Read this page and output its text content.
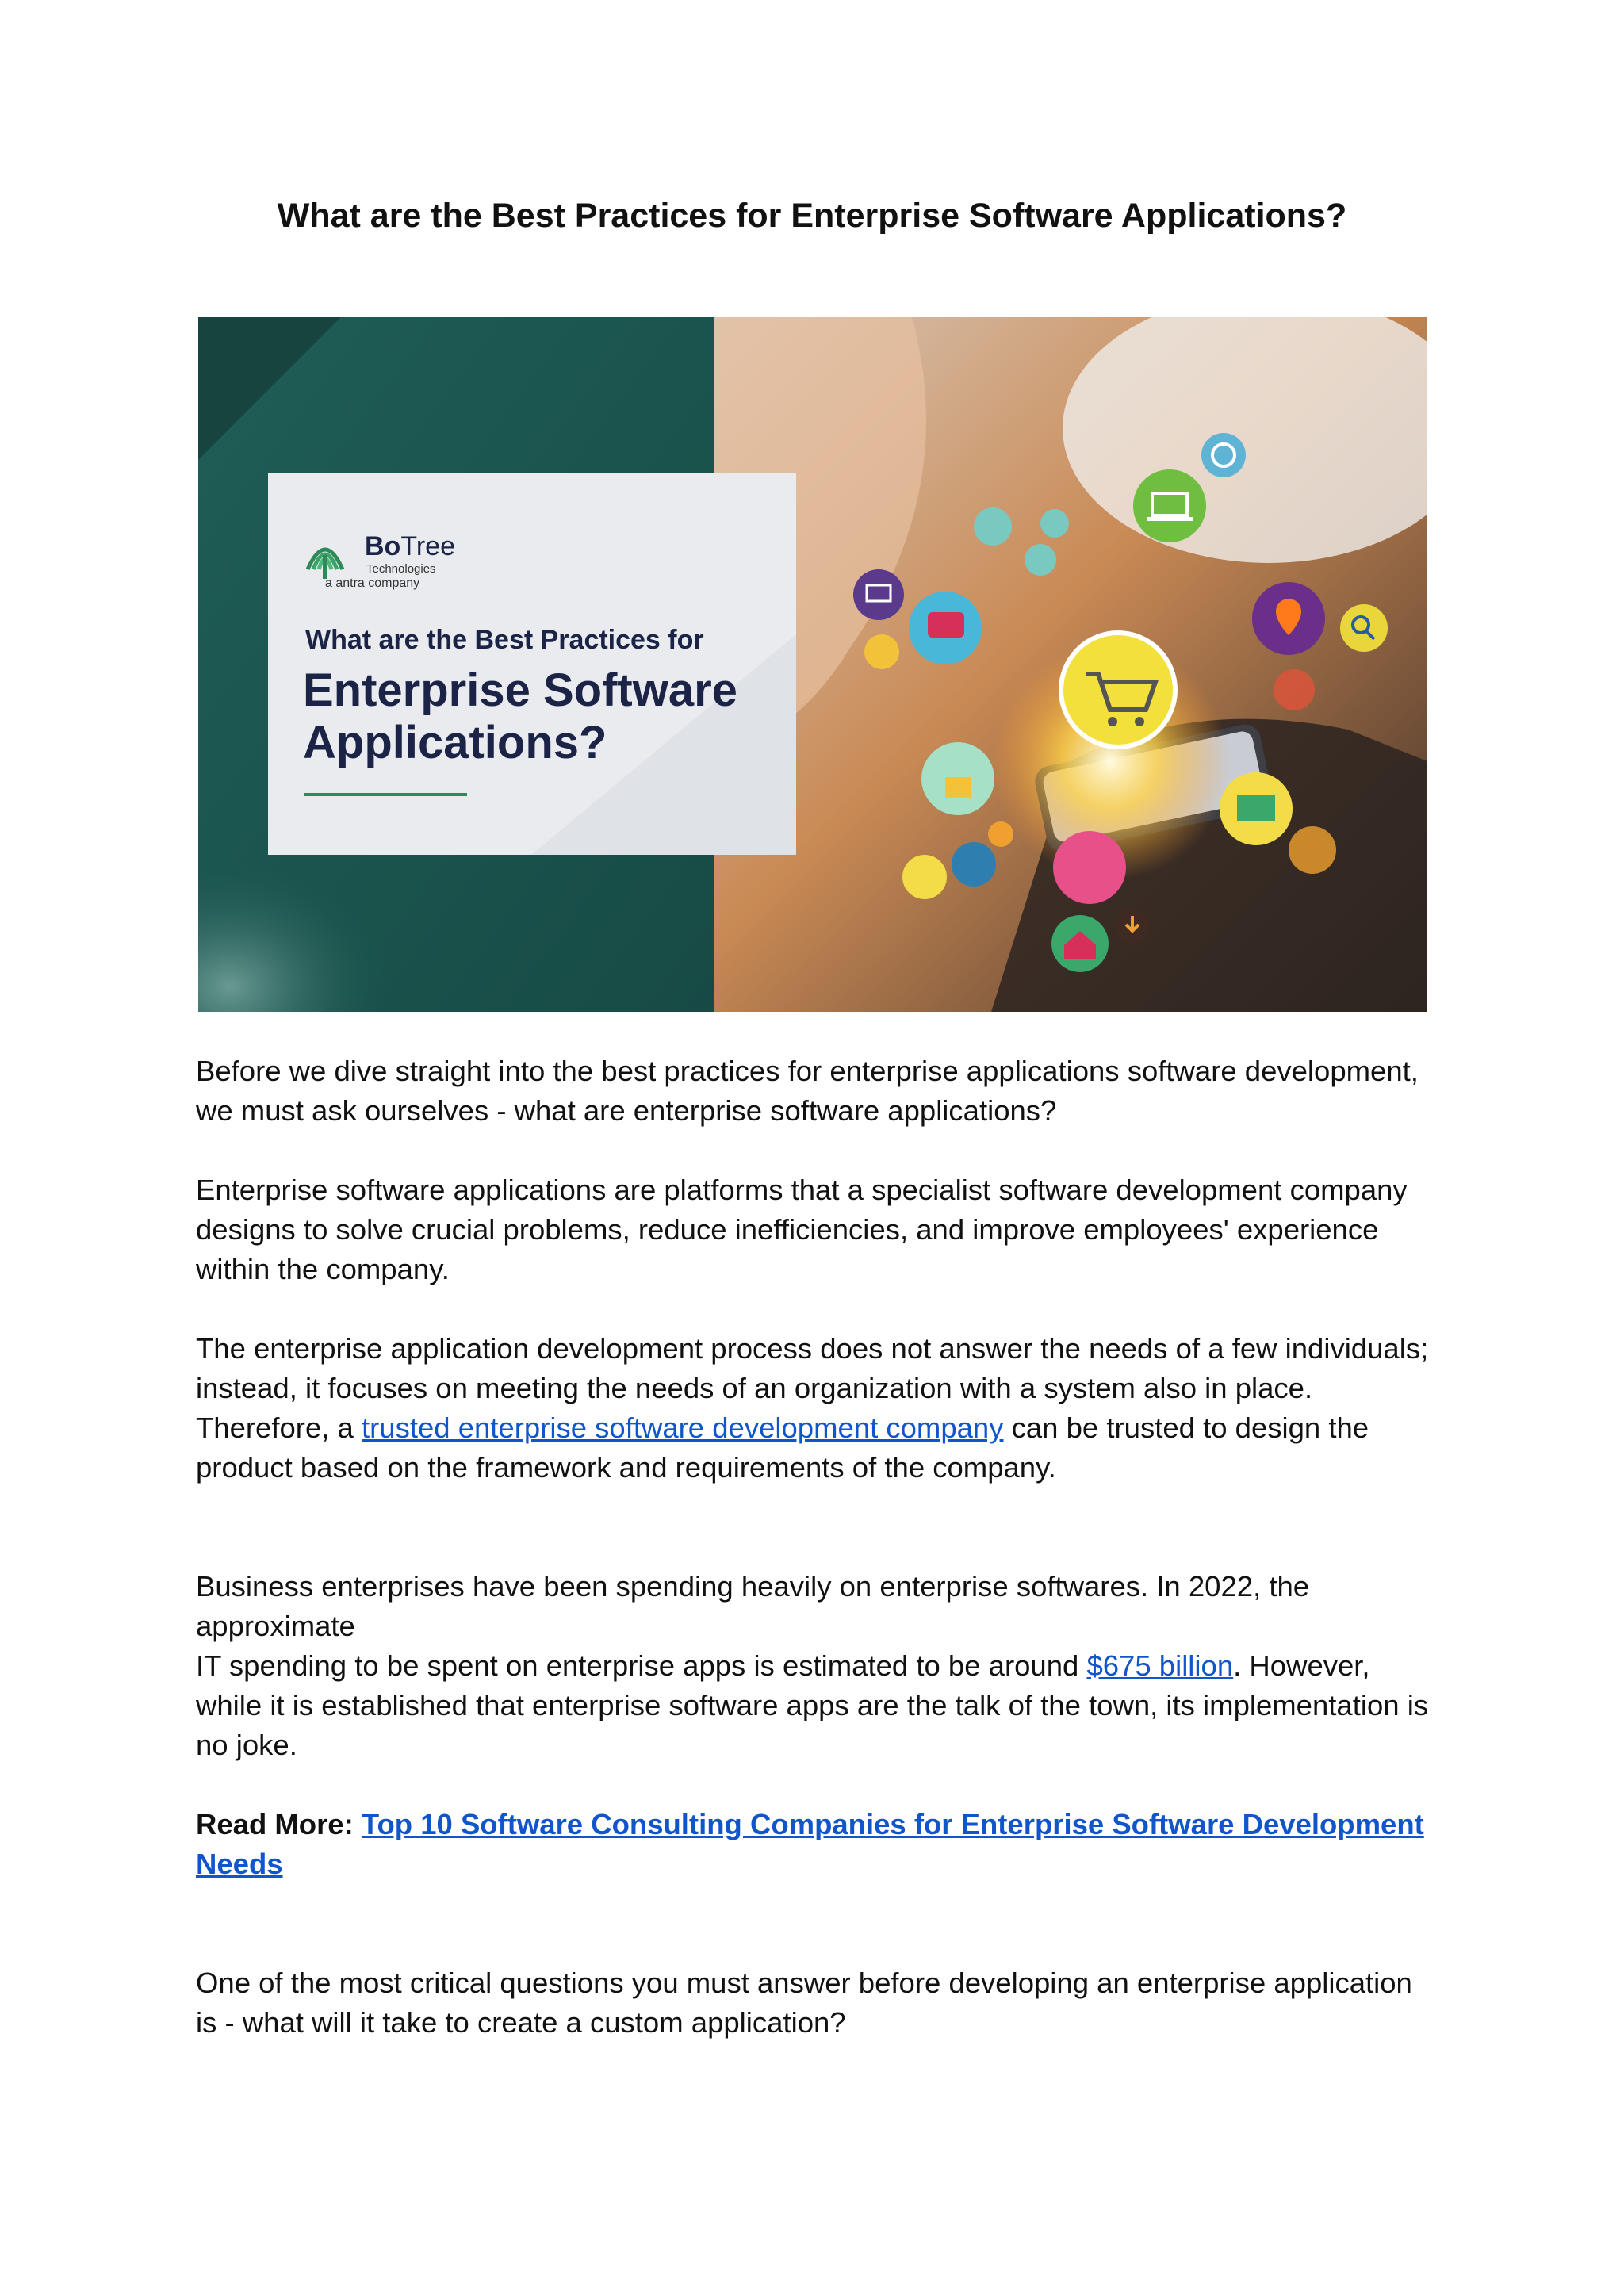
What are the Best Practices for Enterprise Software Applications?
BoTree
Technologies
a antra company
What are the Best Practices for
Enterprise Software
Applications?

Before we dive straight into the best practices for enterprise applications software development, we must ask ourselves - what are enterprise software applications?

Enterprise software applications are platforms that a specialist software development company designs to solve crucial problems, reduce inefficiencies, and improve employees' experience within the company.

The enterprise application development process does not answer the needs of a few individuals; instead, it focuses on meeting the needs of an organization with a system also in place. Therefore, a trusted enterprise software development company can be trusted to design the product based on the framework and requirements of the company.

Business enterprises have been spending heavily on enterprise softwares. In 2022, the approximate

IT spending to be spent on enterprise apps is estimated to be around $675 billion. However, while it is established that enterprise software apps are the talk of the town, its implementation is no joke.

Read More: Top 10 Software Consulting Companies for Enterprise Software Development Needs

One of the most critical questions you must answer before developing an enterprise application is - what will it take to create a custom application?
